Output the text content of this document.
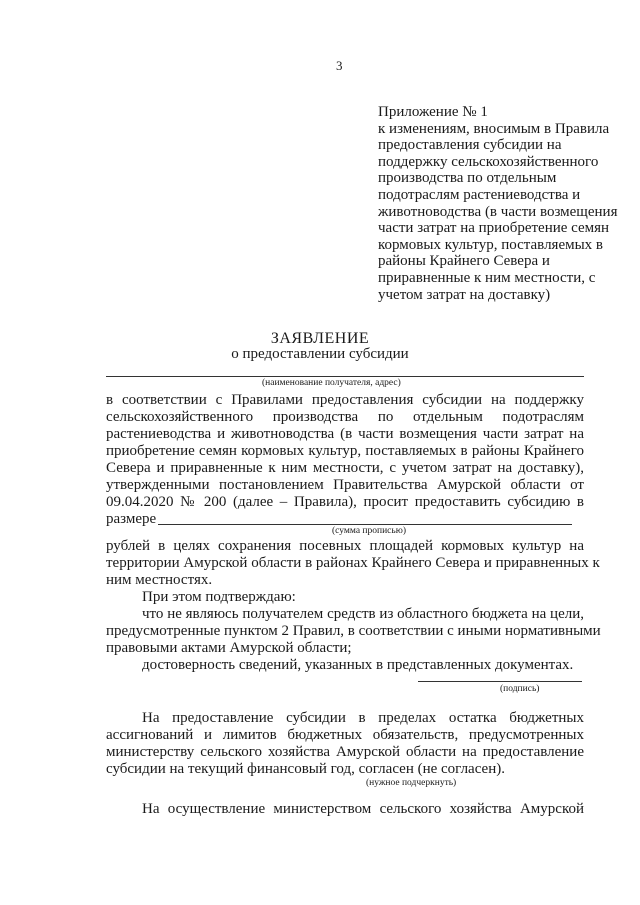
3
Приложение № 1
к изменениям, вносимым в Правила
предоставления субсидии на
поддержку сельскохозяйственного
производства по отдельным
подотраслям растениеводства и
животноводства (в части возмещения
части затрат на приобретение семян
кормовых культур, поставляемых в
районы Крайнего Севера и
приравненные к ним местности, с
учетом затрат на доставку)
ЗАЯВЛЕНИЕ
о предоставлении субсидии
(наименование получателя, адрес)
в соответствии с Правилами предоставления субсидии на поддержку
сельскохозяйственного производства по отдельным подотраслям
растениеводства и животноводства (в части возмещения части затрат на
приобретение семян кормовых культур, поставляемых в районы Крайнего
Севера и приравненные к ним местности, с учетом затрат на доставку),
утвержденными постановлением Правительства Амурской области от
09.04.2020 № 200 (далее – Правила), просит предоставить субсидию в
размере
(сумма прописью)
рублей в целях сохранения посевных площадей кормовых культур на
территории Амурской области в районах Крайнего Севера и приравненных к
ним местностях.
При этом подтверждаю:
что не являюсь получателем средств из областного бюджета на цели,
предусмотренные пунктом 2 Правил, в соответствии с иными нормативными
правовыми актами Амурской области;
достоверность сведений, указанных в представленных документах.
(подпись)
На предоставление субсидии в пределах остатка бюджетных
ассигнований и лимитов бюджетных обязательств, предусмотренных
министерству сельского хозяйства Амурской области на предоставление
субсидии на текущий финансовый год, согласен (не согласен).
(нужное подчеркнуть)
На осуществление министерством сельского хозяйства Амурской
